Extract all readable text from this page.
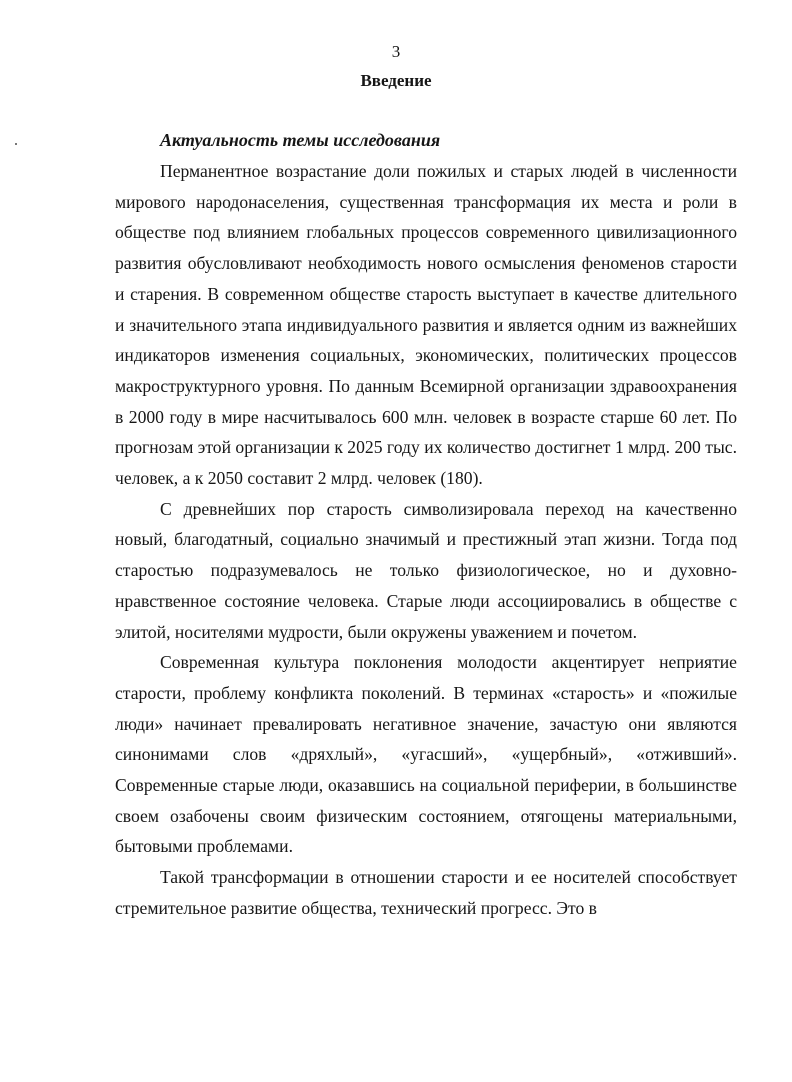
3
Введение
Актуальность темы исследования

Перманентное возрастание доли пожилых и старых людей в численности мирового народонаселения, существенная трансформация их места и роли в обществе под влиянием глобальных процессов современного цивилизационного развития обусловливают необходимость нового осмысления феноменов старости и старения. В современном обществе старость выступает в качестве длительного и значительного этапа индивидуального развития и является одним из важнейших индикаторов изменения социальных, экономических, политических процессов макроструктурного уровня. По данным Всемирной организации здравоохранения в 2000 году в мире насчитывалось 600 млн. человек в возрасте старше 60 лет. По прогнозам этой организации к 2025 году их количество достигнет 1 млрд. 200 тыс. человек, а к 2050 составит 2 млрд. человек (180).

С древнейших пор старость символизировала переход на качественно новый, благодатный, социально значимый и престижный этап жизни. Тогда под старостью подразумевалось не только физиологическое, но и духовно-нравственное состояние человека. Старые люди ассоциировались в обществе с элитой, носителями мудрости, были окружены уважением и почетом.

Современная культура поклонения молодости акцентирует неприятие старости, проблему конфликта поколений. В терминах «старость» и «пожилые люди» начинает превалировать негативное значение, зачастую они являются синонимами слов «дряхлый», «угасший», «ущербный», «отживший». Современные старые люди, оказавшись на социальной периферии, в большинстве своем озабочены своим физическим состоянием, отягощены материальными, бытовыми проблемами.

Такой трансформации в отношении старости и ее носителей способствует стремительное развитие общества, технический прогресс. Это в
